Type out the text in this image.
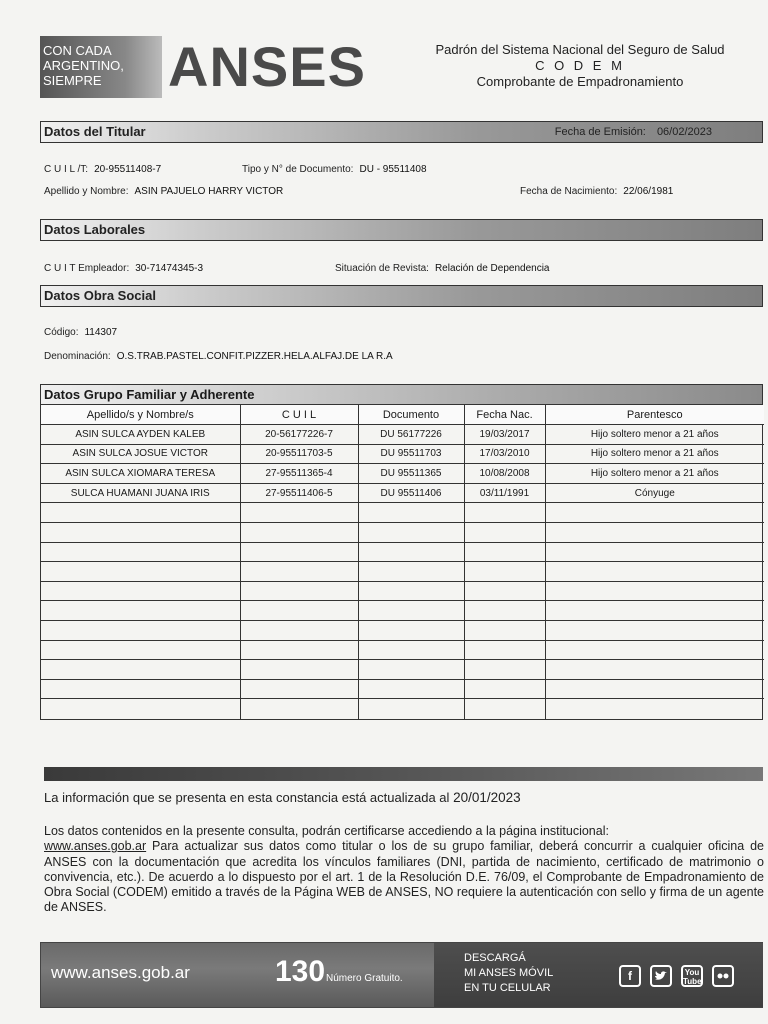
CON CADA
ARGENTINO,
SIEMPRE	ANSES	Padrón del Sistema Nacional del Seguro de Salud
C O D E M
Comprobante de Empadronamiento
Datos del Titular	Fecha de Emisión: 06/02/2023
C U I L /T: 20-95511408-7	Tipo y N° de Documento: DU - 95511408
Apellido y Nombre: ASIN PAJUELO HARRY VICTOR	Fecha de Nacimiento: 22/06/1981
Datos Laborales
C U I T Empleador: 30-71474345-3	Situación de Revista: Relación de Dependencia
Datos Obra Social
Código: 114307
Denominación: O.S.TRAB.PASTEL.CONFIT.PIZZER.HELA.ALFAJ.DE LA R.A
Datos Grupo Familiar y Adherente
Apellido/s y Nombre/s	C U I L	Documento	Fecha Nac.	Parentesco
ASIN SULCA AYDEN KALEB	20-56177226-7	DU 56177226	19/03/2017	Hijo soltero menor a 21 años
ASIN SULCA JOSUE VICTOR	20-95511703-5	DU 95511703	17/03/2010	Hijo soltero menor a 21 años
ASIN SULCA XIOMARA TERESA	27-95511365-4	DU 95511365	10/08/2008	Hijo soltero menor a 21 años
SULCA HUAMANI JUANA IRIS	27-95511406-5	DU 95511406	03/11/1991	Cónyuge

La información que se presenta en esta constancia está actualizada al 20/01/2023
Los datos contenidos en la presente consulta, podrán certificarse accediendo a la página institucional:
www.anses.gob.ar Para actualizar sus datos como titular o los de su grupo familiar, deberá concurrir a cualquier oficina de ANSES con la documentación que acredita los vínculos familiares (DNI, partida de nacimiento, certificado de matrimonio o convivencia, etc.). De acuerdo a lo dispuesto por el art. 1 de la Resolución D.E. 76/09, el Comprobante de Empadronamiento de Obra Social (CODEM) emitido a través de la Página WEB de ANSES, NO requiere la autenticación con sello y firma de un agente de ANSES.
www.anses.gob.ar	130 Número Gratuito.
DESCARGÁ
MI ANSES MÓVIL
EN TU CELULAR
f	You
Tube
